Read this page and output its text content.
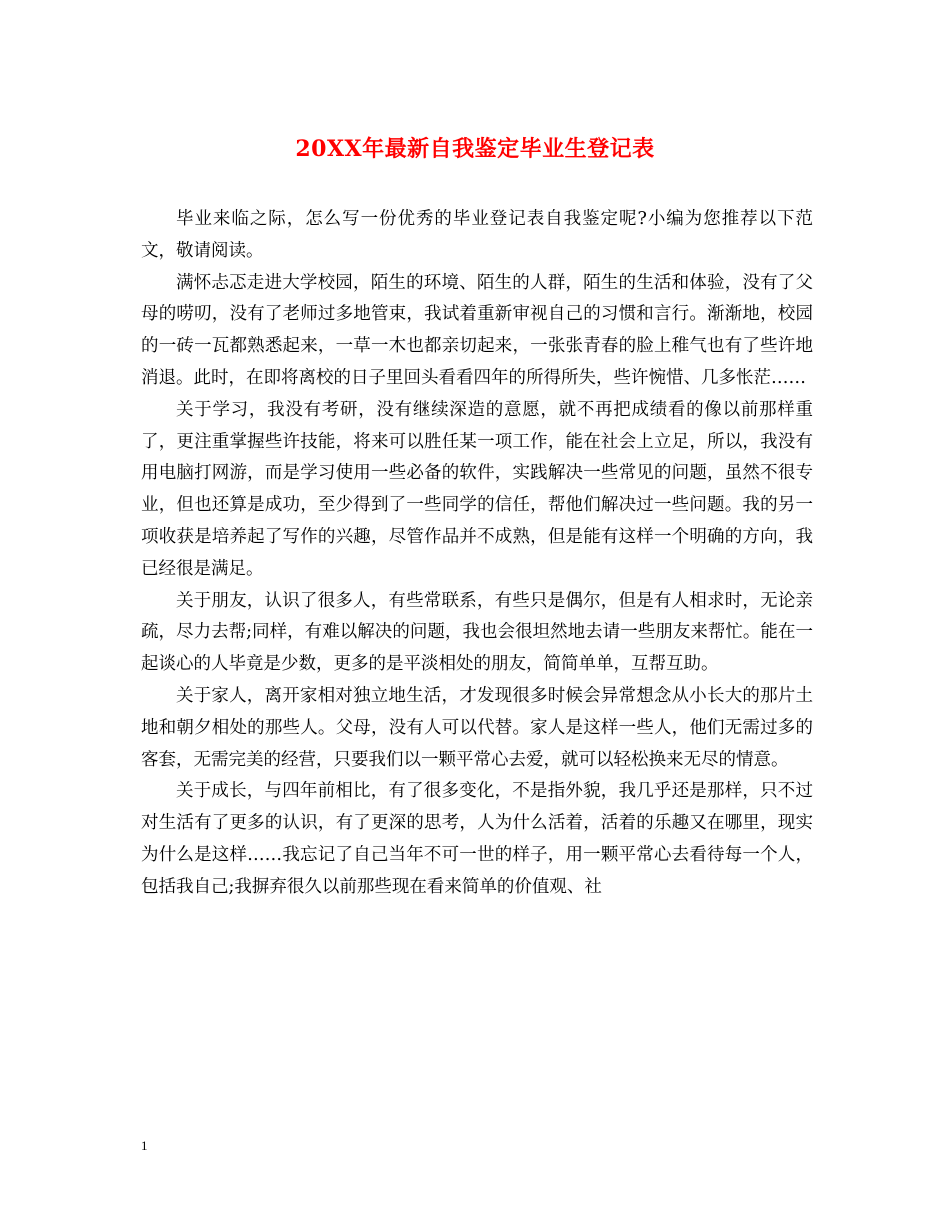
20XX年最新自我鉴定毕业生登记表

毕业来临之际，怎么写一份优秀的毕业登记表自我鉴定呢?小编为您推荐以下范文，敬请阅读。

满怀忐忑走进大学校园，陌生的环境、陌生的人群，陌生的生活和体验，没有了父母的唠叨，没有了老师过多地管束，我试着重新审视自己的习惯和言行。渐渐地，校园的一砖一瓦都熟悉起来，一草一木也都亲切起来，一张张青春的脸上稚气也有了些许地消退。此时，在即将离校的日子里回头看看四年的所得所失，些许惋惜、几多怅茫……

关于学习，我没有考研，没有继续深造的意愿，就不再把成绩看的像以前那样重了，更注重掌握些许技能，将来可以胜任某一项工作，能在社会上立足，所以，我没有用电脑打网游，而是学习使用一些必备的软件，实践解决一些常见的问题，虽然不很专业，但也还算是成功，至少得到了一些同学的信任，帮他们解决过一些问题。我的另一项收获是培养起了写作的兴趣，尽管作品并不成熟，但是能有这样一个明确的方向，我已经很是满足。

关于朋友，认识了很多人，有些常联系，有些只是偶尔，但是有人相求时，无论亲疏，尽力去帮;同样，有难以解决的问题，我也会很坦然地去请一些朋友来帮忙。能在一起谈心的人毕竟是少数，更多的是平淡相处的朋友，简简单单，互帮互助。

关于家人，离开家相对独立地生活，才发现很多时候会异常想念从小长大的那片土地和朝夕相处的那些人。父母，没有人可以代替。家人是这样一些人，他们无需过多的客套，无需完美的经营，只要我们以一颗平常心去爱，就可以轻松换来无尽的情意。

关于成长，与四年前相比，有了很多变化，不是指外貌，我几乎还是那样，只不过对生活有了更多的认识，有了更深的思考，人为什么活着，活着的乐趣又在哪里，现实为什么是这样……我忘记了自己当年不可一世的样子，用一颗平常心去看待每一个人，包括我自己;我摒弃很久以前那些现在看来简单的价值观、社

1
